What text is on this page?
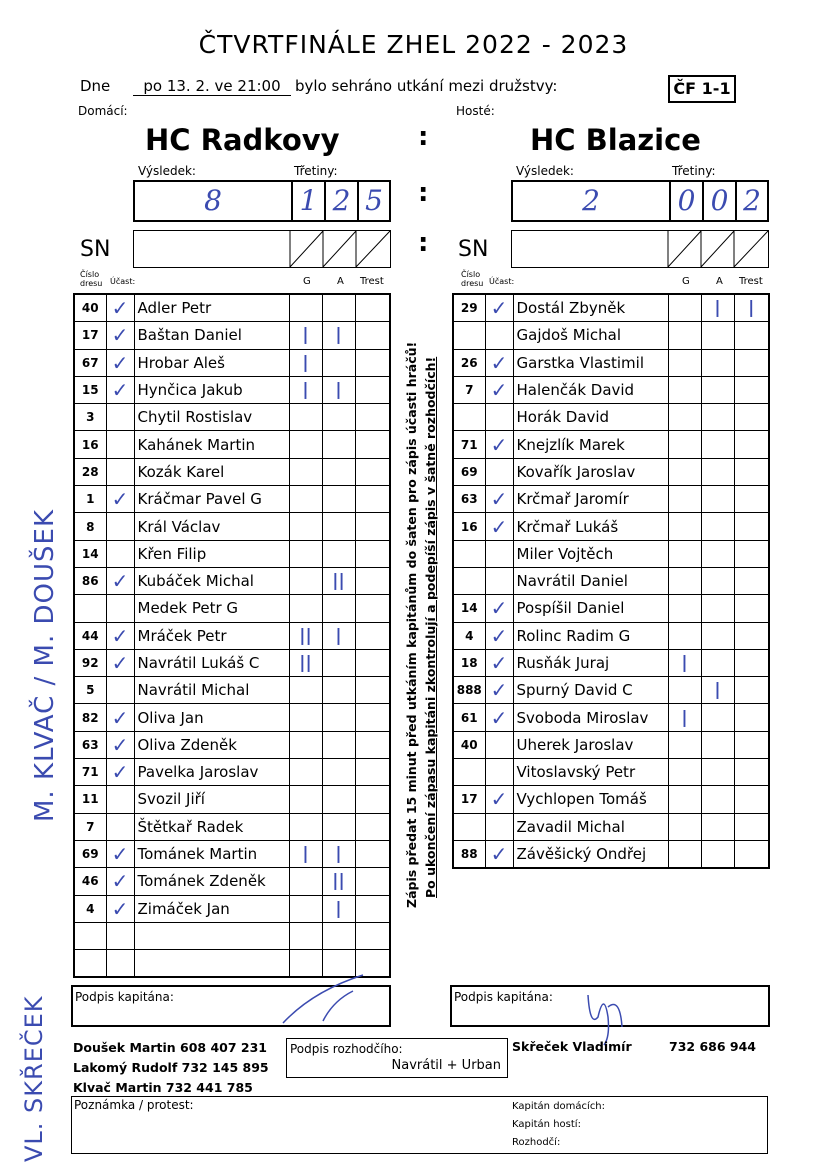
ČTVRTFINÁLE ZHEL 2022 - 2023
Dne	po 13. 2. ve 21:00 bylo sehráno utkání mezi družstvy:	ČF 1-1
Domácí:	Hosté:
HC Radkovy	HC Blazice
:
Výsledek:	Třetiny:
8	1 2 5 :
Výsledek:	Třetiny:
2	0 0 2
SN	: SN
Číslo dresu Účast:	G	A Trest
Číslo dresu Účast:	G	A Trest
40	✓	Adler Petr			
17	✓	Baštan Daniel	|	|	
67	✓	Hrobar Aleš	|		
15	✓	Hynčica Jakub	|	|	
3		Chytil Rostislav			
16		Kahánek Martin			
28		Kozák Karel			
1	✓	Kráčmar Pavel G			
8		Král Václav			
14		Křen Filip			
86	✓	Kubáček Michal		||	
		Medek Petr G			
44	✓	Mráček Petr	||	|	
92	✓	Navrátil Lukáš C	||		
5		Navrátil Michal			
82	✓	Oliva Jan			
63	✓	Oliva Zdeněk			
71	✓	Pavelka Jaroslav			
11		Svozil Jiří			
7		Štětkař Radek			
69	✓	Tománek Martin	|	|	
46	✓	Tománek Zdeněk		||	
4	✓	Zimáček Jan		|	

29	✓	Dostál Zbyněk		|	|
		Gajdoš Michal			
26	✓	Garstka Vlastimil			
7	✓	Halenčák David			
		Horák David			
71	✓	Knejzlík Marek			
69		Kovařík Jaroslav			
63	✓	Krčmař Jaromír			
16	✓	Krčmař Lukáš			
		Miler Vojtěch			
		Navrátil Daniel			
14	✓	Pospíšil Daniel			
4	✓	Rolinc Radim G			
18	✓	Rusňák Juraj	|		
888	✓	Spurný David C		|	
61	✓	Svoboda Miroslav	|		
40		Uherek Jaroslav			
		Vitoslavský Petr			
17	✓	Vychlopen Tomáš			
		Zavadil Michal			
88	✓	Závěšický Ondřej			
Zápis předat 15 minut před utkáním kapitánům do šaten pro zápis účasti hráčů! Po ukončení zápasu kapitáni zkontrolují a podepíší zápis v šatně rozhodčích!
M. KLVAČ / M. DOUŠEK
VL. SKŘEČEK Podpis kapitána:	Podpis kapitána:
Doušek Martin 608 407 231
Lakomý Rudolf 732 145 895
Klvač Martin 732 441 785
Podpis rozhodčího:
Navrátil + Urban
Skřeček Vladimír	732 686 944
Poznámka / protest:	Kapitán domácích:
Kapitán hostí:
Rozhodčí:
